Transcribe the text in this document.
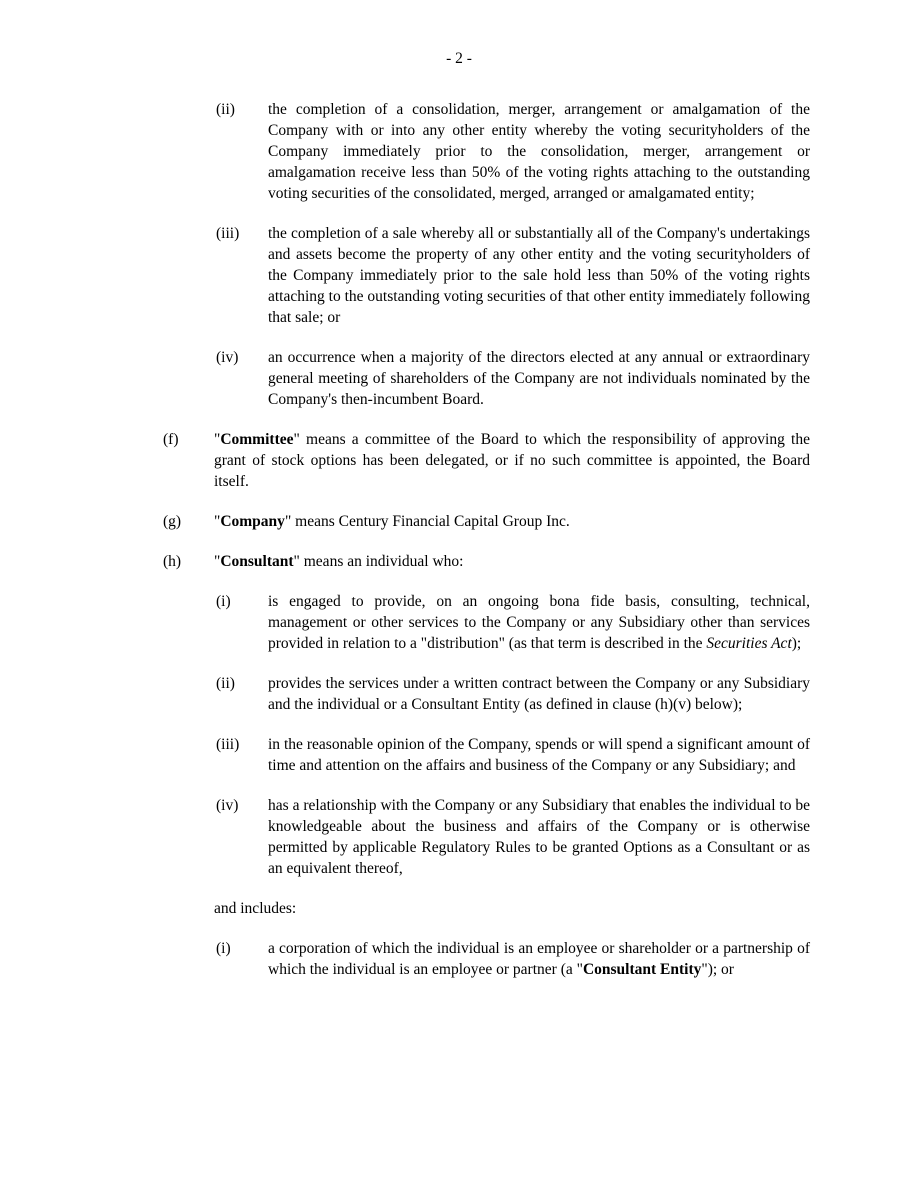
- 2 -
(ii)	the completion of a consolidation, merger, arrangement or amalgamation of the Company with or into any other entity whereby the voting securityholders of the Company immediately prior to the consolidation, merger, arrangement or amalgamation receive less than 50% of the voting rights attaching to the outstanding voting securities of the consolidated, merged, arranged or amalgamated entity;
(iii)	the completion of a sale whereby all or substantially all of the Company's undertakings and assets become the property of any other entity and the voting securityholders of the Company immediately prior to the sale hold less than 50% of the voting rights attaching to the outstanding voting securities of that other entity immediately following that sale; or
(iv)	an occurrence when a majority of the directors elected at any annual or extraordinary general meeting of shareholders of the Company are not individuals nominated by the Company's then-incumbent Board.
(f)	"Committee" means a committee of the Board to which the responsibility of approving the grant of stock options has been delegated, or if no such committee is appointed, the Board itself.
(g)	"Company" means Century Financial Capital Group Inc.
(h)	"Consultant" means an individual who:
(i)	is engaged to provide, on an ongoing bona fide basis, consulting, technical, management or other services to the Company or any Subsidiary other than services provided in relation to a "distribution" (as that term is described in the Securities Act);
(ii)	provides the services under a written contract between the Company or any Subsidiary and the individual or a Consultant Entity (as defined in clause (h)(v) below);
(iii)	in the reasonable opinion of the Company, spends or will spend a significant amount of time and attention on the affairs and business of the Company or any Subsidiary; and
(iv)	has a relationship with the Company or any Subsidiary that enables the individual to be knowledgeable about the business and affairs of the Company or is otherwise permitted by applicable Regulatory Rules to be granted Options as a Consultant or as an equivalent thereof,
and includes:
(i)	a corporation of which the individual is an employee or shareholder or a partnership of which the individual is an employee or partner (a "Consultant Entity"); or
